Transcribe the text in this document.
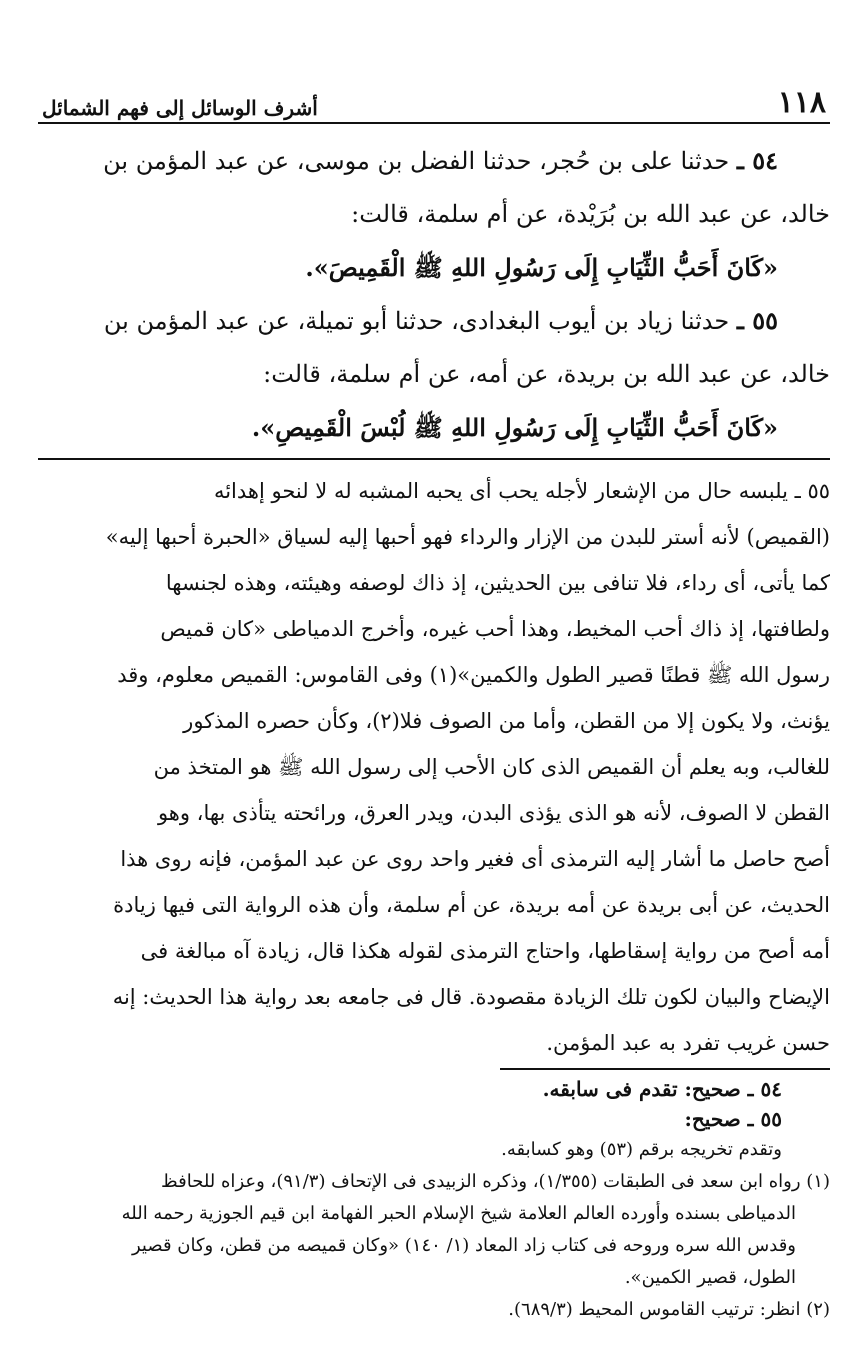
١١٨
أشرف الوسائل إلى فهم الشمائل

٥٤ ـ حدثنا على بن حُجر، حدثنا الفضل بن موسى، عن عبد المؤمن بن

خالد، عن عبد الله بن بُرَيْدة، عن أم سلمة، قالت:

«كَانَ أَحَبُّ الثِّيَابِ إِلَى رَسُولِ اللهِ ﷺ الْقَمِيصَ».

٥٥ ـ حدثنا زياد بن أيوب البغدادى، حدثنا أبو تميلة، عن عبد المؤمن بن

خالد، عن عبد الله بن بريدة، عن أمه، عن أم سلمة، قالت:

«كَانَ أَحَبُّ الثِّيَابِ إِلَى رَسُولِ اللهِ ﷺ لُبْسَ الْقَمِيصِ».

٥٥ ـ يلبسه حال من الإشعار لأجله يحب أى يحبه المشبه له لا لنحو إهدائه

(القميص) لأنه أستر للبدن من الإزار والرداء فهو أحبها إليه لسياق «الحبرة أحبها إليه»

كما يأتى، أى رداء، فلا تنافى بين الحديثين، إذ ذاك لوصفه وهيئته، وهذه لجنسها

ولطافتها، إذ ذاك أحب المخيط، وهذا أحب غيره، وأخرج الدمياطى «كان قميص

رسول الله ﷺ قطنًا قصير الطول والكمين»(١) وفى القاموس: القميص معلوم، وقد

يؤنث، ولا يكون إلا من القطن، وأما من الصوف فلا(٢)، وكأن حصره المذكور

للغالب، وبه يعلم أن القميص الذى كان الأحب إلى رسول الله ﷺ هو المتخذ من

القطن لا الصوف، لأنه هو الذى يؤذى البدن، ويدر العرق، ورائحته يتأذى بها، وهو

أصح حاصل ما أشار إليه الترمذى أى فغير واحد روى عن عبد المؤمن، فإنه روى هذا

الحديث، عن أبى بريدة عن أمه بريدة، عن أم سلمة، وأن هذه الرواية التى فيها زيادة

أمه أصح من رواية إسقاطها، واحتاج الترمذى لقوله هكذا قال، زيادة آه مبالغة فى

الإيضاح والبيان لكون تلك الزيادة مقصودة. قال فى جامعه بعد رواية هذا الحديث: إنه

حسن غريب تفرد به عبد المؤمن.

٥٤ ـ صحيح: تقدم فى سابقه.

٥٥ ـ صحيح:

وتقدم تخريجه برقم (٥٣) وهو كسابقه.

(١) رواه ابن سعد فى الطبقات (١/٣٥٥)، وذكره الزبيدى فى الإتحاف (٩١/٣)، وعزاه للحافظ

الدمياطى بسنده وأورده العالم العلامة شيخ الإسلام الحبر الفهامة ابن قيم الجوزية رحمه الله

وقدس الله سره وروحه فى كتاب زاد المعاد (١/ ١٤٠) «وكان قميصه من قطن، وكان قصير

الطول، قصير الكمين».

(٢) انظر: ترتيب القاموس المحيط (٦٨٩/٣).
